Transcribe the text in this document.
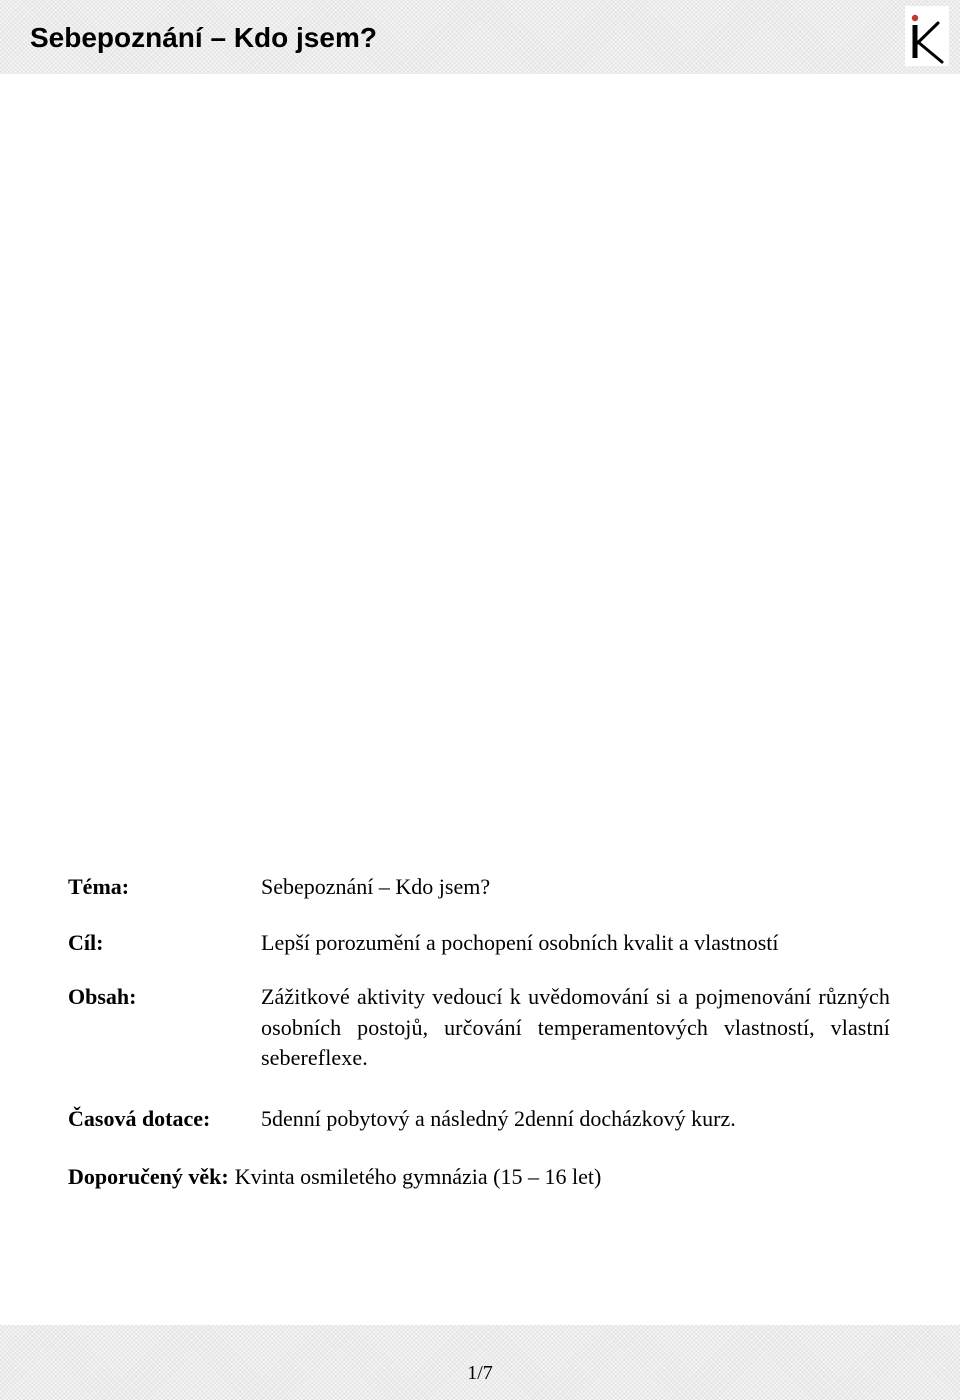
Sebepoznání – Kdo jsem?
Téma:	Sebepoznání – Kdo jsem?
Cíl:	Lepší porozumění a pochopení osobních kvalit a vlastností
Obsah:	Zážitkové aktivity vedoucí k uvědomování si a pojmenování různých osobních postojů, určování temperamentových vlastností, vlastní sebereflexe.
Časová dotace:	5denní pobytový a následný 2denní docházkový kurz.
Doporučený věk: Kvinta osmiletého gymnázia (15 – 16 let)
1/7
